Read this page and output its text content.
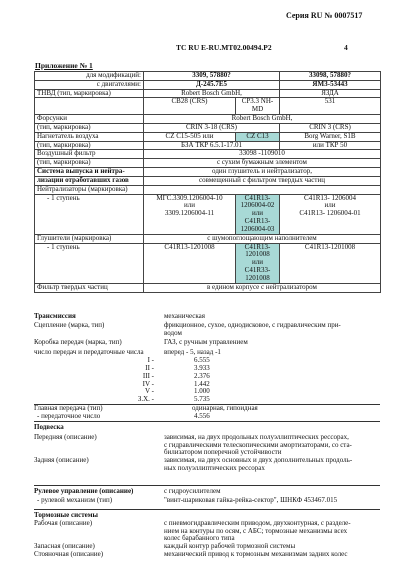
Серия RU № 0007517
ТС RU E-RU.MT02.00494.P2	4
Приложение № 1
для модификаций:	3309, 57880?		33098, 57880?
с двигателями:	Д-245.7Е5		ЯМЗ-53443
ТНВД (тип, маркировка)	Robert Bosch GmbH,		ЯЗДА
	CB28 (CRS)	CP3.3 NH-MD	531
Форсунки	Robert Bosch GmbH,		
(тип, маркировка)	CRIN 3-18 (CRS)		CRIN 3 (CRS)
Нагнетатель воздуха	CZ C15-505 или	CZ C13	Borg Warner, S1B
(тип, маркировка)	БЗА ТКР 6.5.1-17.01		или ТКР 50
Воздушный фильтр	33098 -1109010		
(тип, маркировка)	с сухим бумажным элементом		
Система выпуска и нейтра-	один глушитель и нейтрализатор,		
лизации отработавших газов	совмещенный с фильтром твердых частиц		
Нейтрализаторы (маркировка)			
- 1 ступень	МГС.3309.1206004-10
или
3309.1206004-11	C41R13-
1206004-02
или
C41R13-
1206004-03	C41R13- 1206004
или
C41R13- 1206004-01
Глушители (маркировка)	с шумопоглощающим наполнителем		
- 1 ступень	C41R13-1201008	C41R13-
1201008
или
C41R33-
1201008	C41R13-1201008
Фильтр твердых частиц	в едином корпусе с нейтрализатором		
Трансмиссия	механическая
Сцепление (марка, тип)	фрикционное, сухое, однодисковое, с гидравлическим при-
водом
Коробка передач (марка, тип)	ГАЗ, с ручным управлением
число передач и передаточные числа	вперед - 5, назад -1
I -	6.555
II -	3.933
III -	2.376
IV -	1.442
V -	1.000
З.Х. -	5.735
Главная передача (тип)	одинарная, гипоидная
- передаточное число	4.556
Подвеска
Передняя (описание)	зависимая, на двух продольных полуэллиптических рессорах,
с гидравлическими телескопическими амортизаторами, со ста-
билизатором поперечной устойчивости
Задняя (описание)	зависимая, на двух основных и двух дополнительных продоль-
ных полуэллиптических рессорах
Рулевое управление (описание)	с гидроусилителем
- рулевой механизм (тип)	"винт-шариковая гайка-рейка-сектор", ШНКФ 453467.015
Тормозные системы
Рабочая (описание)	с пневмогидравлическим приводом, двухконтурная, с разделе-
нием на контуры по осям, с АБС; тормозные механизмы всех
колес барабанного типа
Запасная (описание)	каждый контур рабочей тормозной системы
Стояночная (описание)	механический привод к тормозным механизмам задних колес
